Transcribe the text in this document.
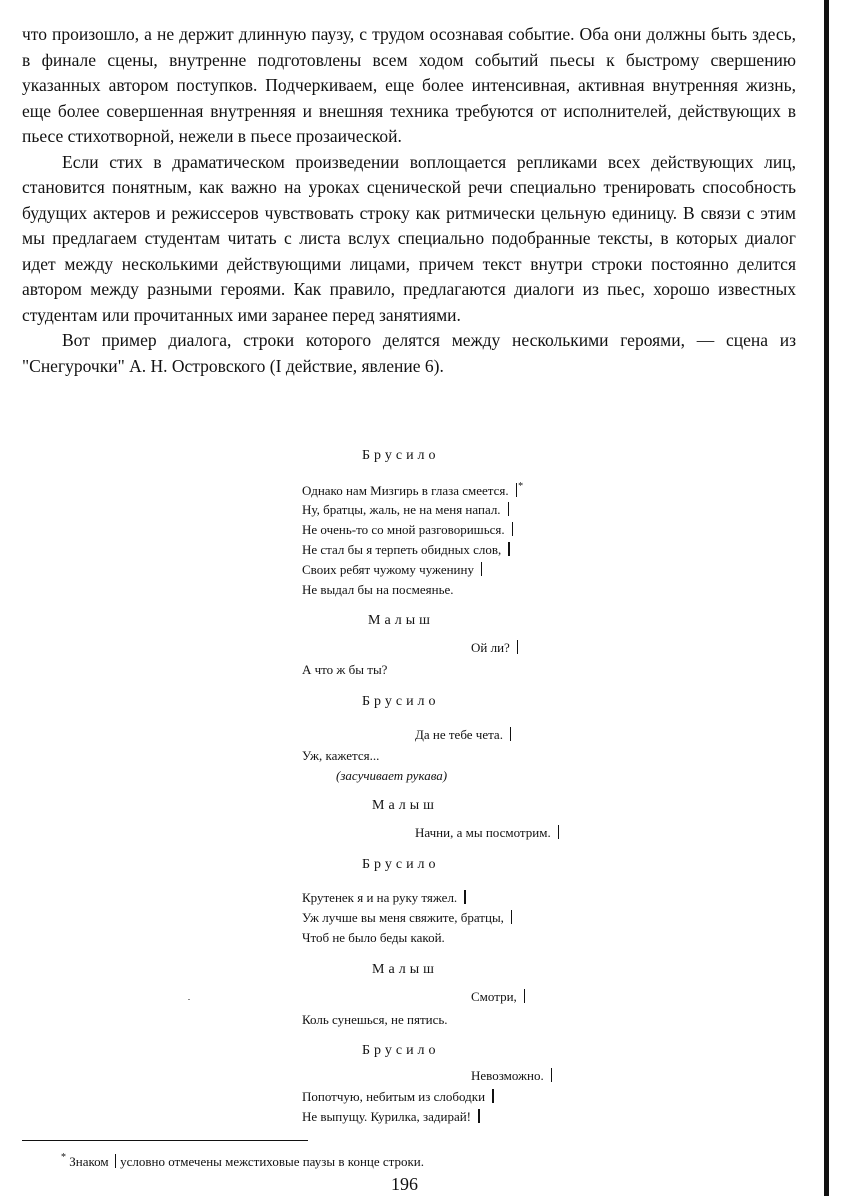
что произошло, а не держит длинную паузу, с трудом осознавая событие. Оба они должны быть здесь, в финале сцены, внутренне подготовлены всем ходом событий пьесы к быстрому свершению указанных автором поступков. Подчеркиваем, еще более интенсивная, активная внутренняя жизнь, еще более совершенная внутренняя и внешняя техника требуются от исполнителей, действующих в пьесе стихотворной, нежели в пьесе прозаической.

Если стих в драматическом произведении воплощается репликами всех действующих лиц, становится понятным, как важно на уроках сценической речи специально тренировать способность будущих актеров и режиссеров чувствовать строку как ритмически цельную единицу. В связи с этим мы предлагаем студентам читать с листа вслух специально подобранные тексты, в которых диалог идет между несколькими действующими лицами, причем текст внутри строки постоянно делится автором между разными героями. Как правило, предлагаются диалоги из пьес, хорошо известных студентам или прочитанных ими заранее перед занятиями.

Вот пример диалога, строки которого делятся между несколькими героями, — сцена из "Снегурочки" А. Н. Островского (I действие, явление 6).

Брусило
Однако нам Мизгирь в глаза смеется. *
Ну, братцы, жаль, не на меня напал.
Не очень-то со мной разговоришься.
Не стал бы я терпеть обидных слов,
Своих ребят чужому чуженину
Не выдал бы на посмеянье.
Малыш
Ой ли?
А что ж бы ты?
Брусило
Да не тебе чета.
Уж, кажется...
(засучивает рукава)
Малыш
Начни, а мы посмотрим.
Брусило
Крутенек я и на руку тяжел.
Уж лучше вы меня свяжите, братцы,
Чтоб не было беды какой.
Малыш
Смотри,
Коль сунешься, не пятись.
Брусило
Невозможно.
Попотчую, небитым из слободки
Не выпущу. Курилка, задирай!
* Знаком условно отмечены межстиховые паузы в конце строки.
196
